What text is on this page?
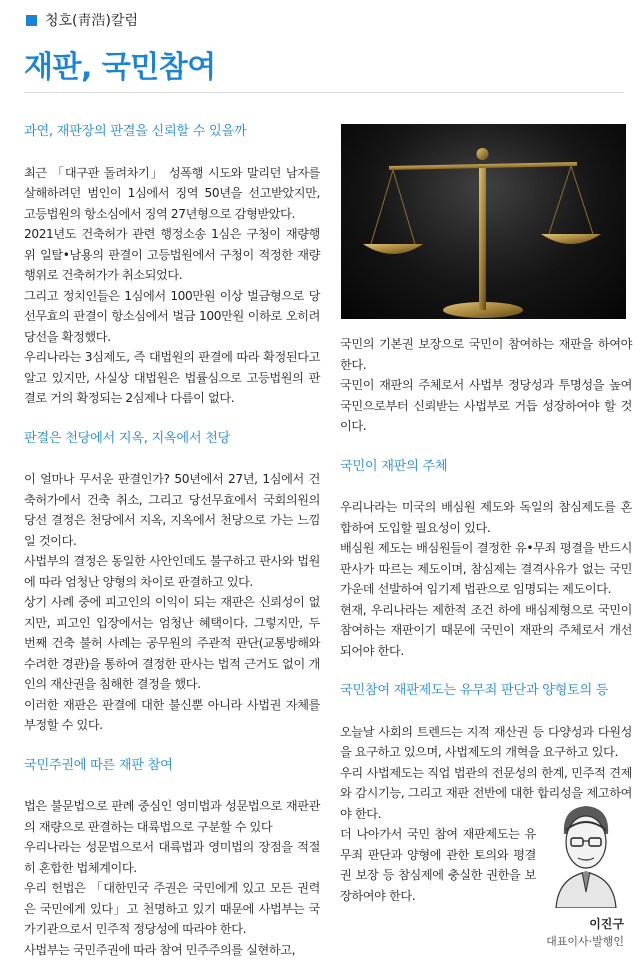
청호(靑浩)칼럼
재판, 국민참여
과연, 재판장의 판결을 신뢰할 수 있을까

최근 「대구판 돌려차기」 성폭행 시도와 말리던 남자를 살해하려던 범인이 1심에서 징역 50년을 선고받았지만, 고등법원의 항소심에서 징역 27년형으로 감형받았다.

2021년도 건축허가 관련 행정소송 1심은 구청이 재량행위 일탈•남용의 판결이 고등법원에서 구청이 적정한 재량행위로 건축허가가 취소되었다.

그리고 정치인들은 1심에서 100만원 이상 벌금형으로 당선무효의 판결이 항소심에서 벌금 100만원 이하로 오히려 당선을 확정했다.

우리나라는 3심제도, 즉 대법원의 판결에 따라 확정된다고 알고 있지만, 사실상 대법원은 법률심으로 고등법원의 판결로 거의 확정되는 2심제나 다름이 없다.

판결은 천당에서 지옥, 지옥에서 천당

이 얼마나 무서운 판결인가? 50년에서 27년, 1심에서 건축허가에서 건축 취소, 그리고 당선무효에서 국회의원의 당선 결정은 천당에서 지옥, 지옥에서 천당으로 가는 느낌일 것이다.

사법부의 결정은 동일한 사안인데도 불구하고 판사와 법원에 따라 엄청난 양형의 차이로 판결하고 있다.

상기 사례 중에 피고인의 이익이 되는 재판은 신뢰성이 없지만, 피고인 입장에서는 엄청난 혜택이다. 그렇지만, 두 번째 건축 불허 사례는 공무원의 주관적 판단(교통방해와 수려한 경관)을 통하여 결정한 판사는 법적 근거도 없이 개인의 재산권을 침해한 결정을 했다.

이러한 재판은 판결에 대한 불신뿐 아니라 사법권 자체를 부정할 수 있다.

국민주권에 따른 재판 참여

법은 불문법으로 판례 중심인 영미법과 성문법으로 재판관의 재량으로 판결하는 대륙법으로 구분할 수 있다

우리나라는 성문법으로서 대륙법과 영미법의 장점을 적절히 혼합한 법체계이다.

우리 헌법은 「대한민국 주권은 국민에게 있고 모든 권력은 국민에게 있다」고 천명하고 있기 때문에 사법부는 국가기관으로서 민주적 정당성에 따라야 한다.

사법부는 국민주권에 따라 참여 민주주의를 실현하고,

국민의 기본권 보장으로 국민이 참여하는 재판을 하여야 한다.

국민이 재판의 주체로서 사법부 정당성과 투명성을 높여 국민으로부터 신뢰받는 사법부로 거듭 성장하여야 할 것이다.

국민이 재판의 주체

우리나라는 미국의 배심원 제도와 독일의 참심제도를 혼합하여 도입할 필요성이 있다.

배심원 제도는 배심원들이 결정한 유•무죄 평결을 반드시 판사가 따르는 제도이며, 참심제는 결격사유가 없는 국민 가운데 선발하여 임기제 법관으로 임명되는 제도이다.

현재, 우리나라는 제한적 조건 하에 배심제형으로 국민이 참여하는 재판이기 때문에 국민이 재판의 주체로서 개선되어야 한다.

국민참여 재판제도는 유무죄 판단과 양형토의 등

오늘날 사회의 트렌드는 지적 재산권 등 다양성과 다원성을 요구하고 있으며, 사법제도의 개혁을 요구하고 있다.

우리 사법제도는 직업 법관의 전문성의 한계, 민주적 견제와 감시기능, 그리고 재판 전반에 대한 합리성을 제고하여야 한다.

더 나아가서 국민 참여 재판제도는 유무죄 판단과 양형에 관한 토의와 평결권 보장 등 참심제에 충실한 권한을 보장하여야 한다.

이진구
대표이사·발행인
